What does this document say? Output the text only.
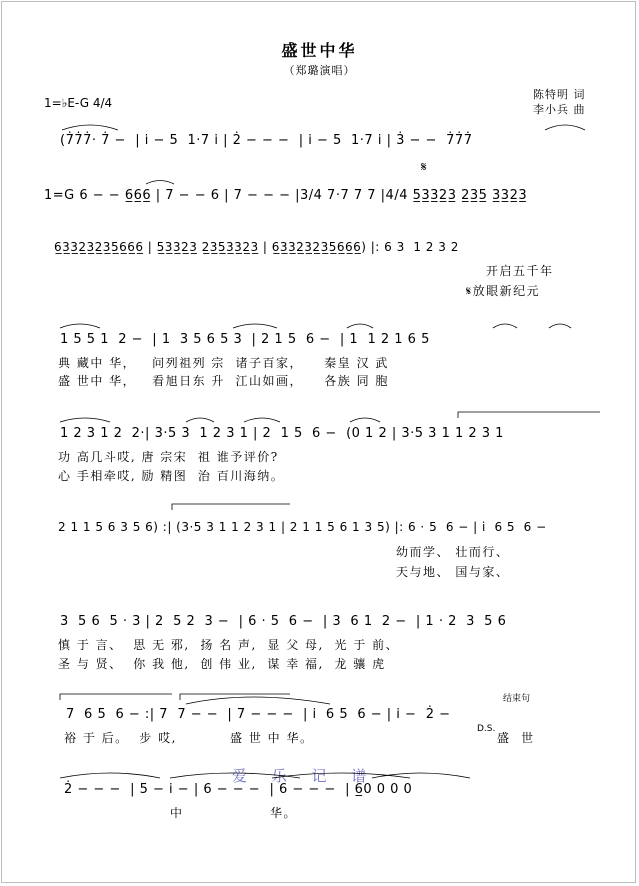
盛世中华
（郑璐演唱）
陈特明 词
李小兵 曲
1=♭E-G 4/4
(7̇7̇7̇· 7̇ −  | i̇ − 5  1·7 i̇ | 2̇ − − −  | i̇ − 5  1·7 i̇ | 3̇ − −  7̇7̇7̇
𝄋
1=G 6 − − 6̲6̲6̲ | 7 − − 6 | 7 − − − |3/4 7·7 7 7 |4/4 5̲3̲3̲2̲3̲ 2̲3̲5̲ 3̲3̲2̲3̲
6̲3̲3̲2̲3̲2̲3̲5̲6̲6̲6̲ | 5̲3̲3̲2̲3̲ 2̲3̲5̲3̲3̲2̲3̲ | 6̲3̲3̲2̲3̲2̲3̲5̲6̲6̲6̲) |: 6 3  1 2 3 2
开启五千年
𝄋放眼新纪元
1 5 5 1  2 −  | 1  3 5 6 5 3  | 2 1 5  6 −  | 1  1 2 1 6 5
典 藏中 华，   问列祖列 宗  诸子百家，    秦皇 汉 武
盛 世中 华，   看旭日东 升  江山如画，    各族 同 胞
1 2 3 1 2  2·| 3·5 3  1 2 3 1 | 2  1 5  6 −  (0 1 2 | 3·5 3 1 1 2 3 1
功 高几斗哎, 唐 宗宋  祖 谁予评价?
心 手相牵哎, 励 精图  治 百川海纳。
2 1 1 5 6 3 5 6) :| (3·5 3 1 1 2 3 1 | 2 1 1 5 6 1 3 5) |: 6 · 5  6 − | i̇  6 5  6 −
幼而学、 壮而行、
天与地、 国与家、
3  5 6  5 · 3 | 2  5 2  3 −  | 6 · 5  6 −  | 3  6 1  2 −  | 1 · 2  3  5 6
慎 于 言、  思 无 邪,  扬 名 声,  显 父 母,  光 于 前、
圣 与 贤、  你 我 他,  创 伟 业,  谋 幸 福,  龙 骧 虎
结束句
7  6 5  6 − :| 7  7 − −  | 7 − − −  | i̇  6 5  6 − | i̇ −  2̇ −
裕 于 后。  步 哎,          盛 世 中 华。
D.S.
盛  世
爱 乐 记 谱
2̇ − − −  | 5 − i̇ − | 6 − − −  | 6 − − −  | 6̲0 0 0 0
中	华。
